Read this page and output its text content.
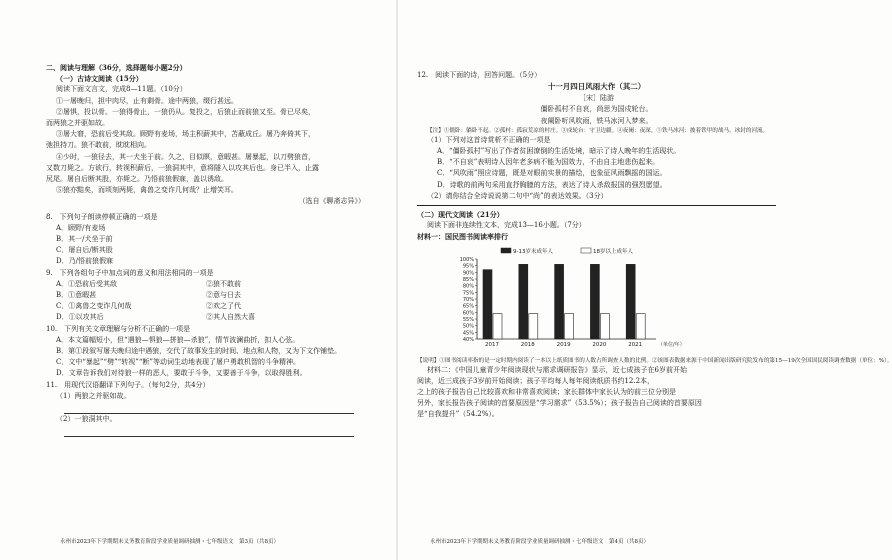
二、阅读与理解（36分，选择题每小题2分）
（一）古诗文阅读（15分）
阅读下面文言文，完成8—11题。（10分）
①一屠晚归，担中肉尽，止有剩骨。途中两狼，缀行甚远。
②屠惧，投以骨。一狼得骨止，一狼仍从。复投之，后狼止而前狼又至。骨已尽矣，
而两狼之并驱如故。
③屠大窘，恐前后受其敌。顾野有麦场，场主积薪其中，苫蔽成丘。屠乃奔倚其下，
弛担持刀。狼不敢前，眈眈相向。
④少时，一狼径去，其一犬坐于前。久之，目似瞑，意暇甚。屠暴起，以刀劈狼首，
又数刀毙之。方欲行，转视积薪后，一狼洞其中，意将隧入以攻其后也。身已半入，止露
尻尾。屠自后断其股，亦毙之。乃悟前狼假寐，盖以诱敌。
⑤狼亦黠矣，而顷刻两毙，禽兽之变诈几何哉？止增笑耳。
（选自《聊斋志异》）
8.　下列句子朗读停顿正确的一项是
A．顾野/有麦场
B．其一/犬坐于前
C．屠自后/断其股
D．乃/悟前狼假寐
9.　下列各组句子中加点词的意义和用法相同的一项是
A．①恐前后受其敌	②狼不敢前
B．①意暇甚	②意与日去
C．①禽兽之变诈几何哉	②欢之了代
D．①以攻其后	②其人自然大喜
10.　下列有关文章理解与分析不正确的一项是
A．本文篇幅短小，但“遇狼—惧狼—拼狼—杀狼”，情节波澜曲折，扣人心弦。
B．第①段叙写屠夫晚归途中遇狼，交代了故事发生的时间、地点和人物，又为下文作铺垫。
C．文中“暴起”“劈”“转视”“断”等动词生动地表现了屠户勇敢机智的斗争精神。
D．文章告诉我们对待狼一样的恶人，要敢于斗争，又要善于斗争，以取得胜利。
11.　用现代汉语翻译下列句子。（每句2分，共4分）
（1）两狼之并驱如故。
（2）一狼洞其中。
永州市2023年下学期期末义务教育阶段学业质量调研抽测・七年级语文　第3页（共8页）
12.　阅读下面的诗，回答问题。（5分）
十一月四日风雨大作（其二）
［宋］陆游
僵卧孤村不自哀，尚思为国戍轮台。
夜阑卧听风吹雨，铁马冰河入梦来。
【注】①僵卧：躺卧不起。②孤村：孤寂荒凉的村庄。③戍轮台：守卫边疆。④夜阑：夜深。⑤铁马冰河：披着铁甲的战马，冰封的河流。
（1）下列对这首诗赏析不正确的一项是
A．“僵卧孤村”写出了作者贫困潦倒的生活处境，暗示了诗人晚年的生活现状。
B．“不自哀”表明诗人因年老多病不能为国效力，不由自主地悲伤起来。
C．“风吹雨”照应诗题，既是对眼前实景的描绘，也象征风雨飘摇的国运。
D．诗歌的前两句采用直抒胸臆的方法，表达了诗人杀敌报国的强烈愿望。
（2）请你结合全诗说说第二句中“尚”的表达效果。（3分）
（二）现代文阅读（21分）
阅读下面非连续性文本，完成13—16小题。（7分）
材料一：国民图书阅读率排行
100%
95%
90%
85%
80%
75%
70%
65%
60%
55%
50%
45%
40%
9-13岁未成年人	18岁以上成年人
2017	2018	2019	2020	2021	（单位/年）
【说明】①图书阅读率指的是一定时期内阅读了一本以上纸质图书的人数占所调查人数的比例。②该图表数据来源于中国新闻出版研究院发布的第15—19次全国国民阅读调查数据（单位：%）。
材料二：《中国儿童青少年阅读现状与需求调研报告》显示，近七成孩子在6岁前开始
阅读，近三成孩子3岁前开始阅读；孩子平均每人每年阅读纸质书约12.2本，
之上的孩子报告自己比较喜欢和非常喜欢阅读；家长群体中家长认为的前三位分别是
另外，家长报告孩子阅读的首要原因是“学习需求”（53.5%）；孩子报告自己阅读的首要原因
是“自我提升”（54.2%）。
永州市2023年下学期期末义务教育阶段学业质量调研抽测・七年级语文　第4页（共8页）
